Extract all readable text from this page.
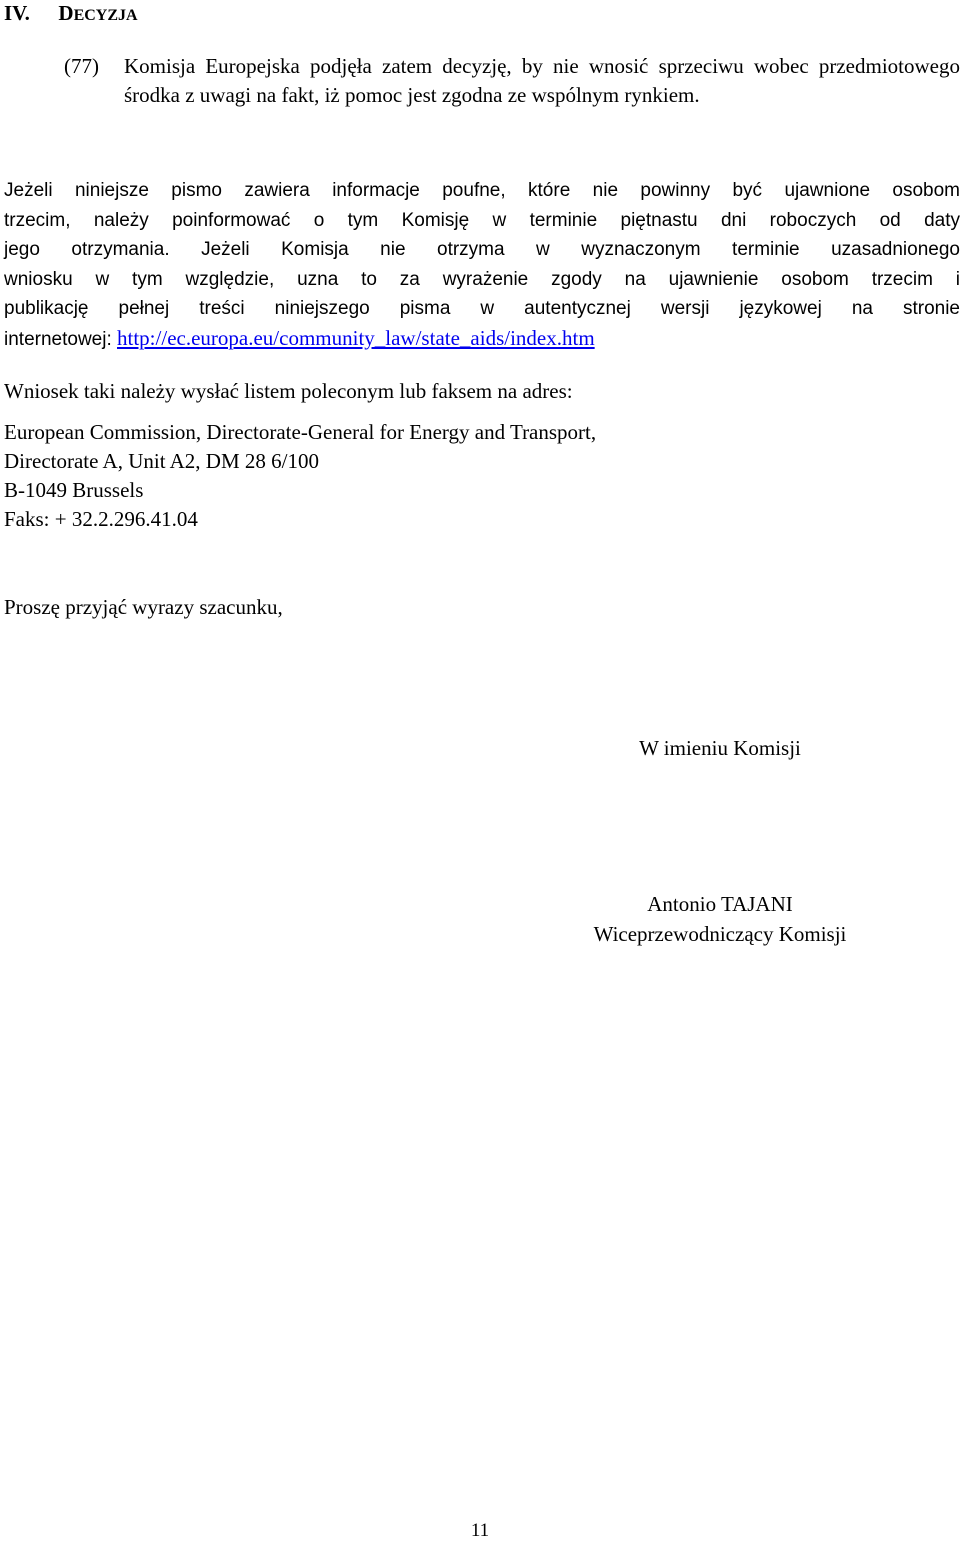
IV. DECYZJA
(77) Komisja Europejska podjęła zatem decyzję, by nie wnosić sprzeciwu wobec przedmiotowego środka z uwagi na fakt, iż pomoc jest zgodna ze wspólnym rynkiem.
Jeżeli niniejsze pismo zawiera informacje poufne, które nie powinny być ujawnione osobom
trzecim, należy poinformować o tym Komisję w terminie piętnastu dni roboczych od daty
jego otrzymania. Jeżeli Komisja nie otrzyma w wyznaczonym terminie uzasadnionego
wniosku w tym względzie, uzna to za wyrażenie zgody na ujawnienie osobom trzecim i
publikację pełnej treści niniejszego pisma w autentycznej wersji językowej na stronie
internetowej: http://ec.europa.eu/community_law/state_aids/index.htm
Wniosek taki należy wysłać listem poleconym lub faksem na adres:
European Commission, Directorate-General for Energy and Transport,
Directorate A, Unit A2, DM 28 6/100
B-1049 Brussels
Faks: + 32.2.296.41.04
Proszę przyjąć wyrazy szacunku,
W imieniu Komisji
Antonio TAJANI
Wiceprzewodniczący Komisji
11
